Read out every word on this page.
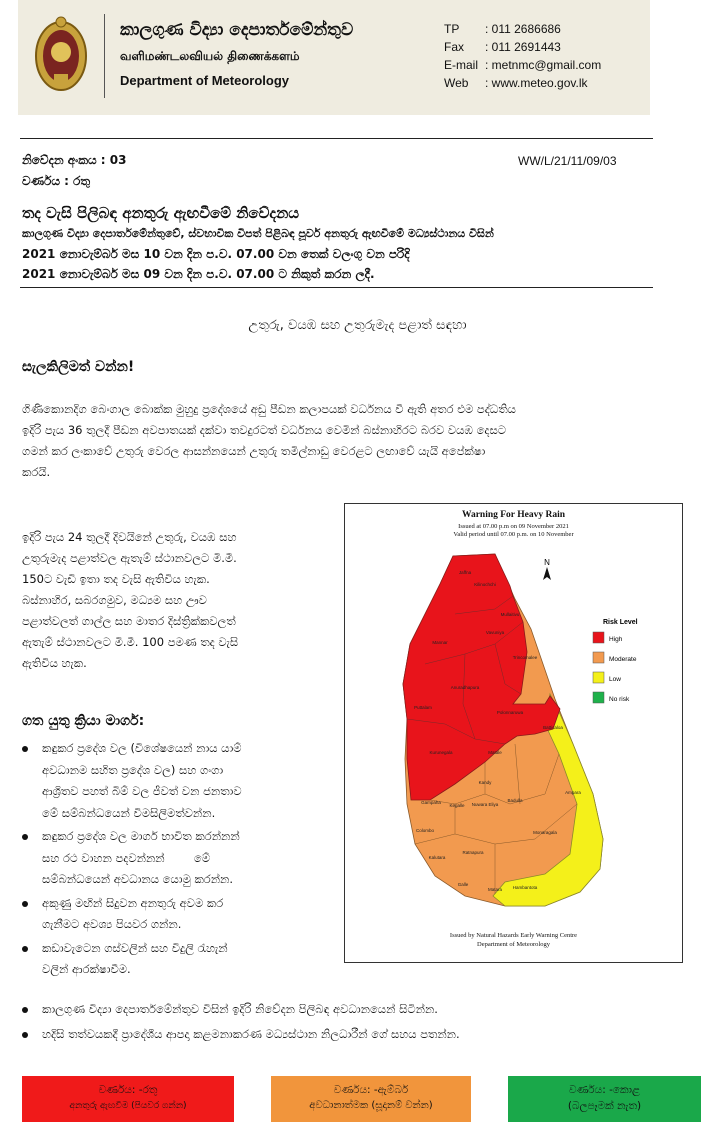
කාලගුණ විද්‍යා දෙපාර්තමේන්තුව
வளிமண்டலவியல் திணைக்களம்
Department of Meteorology
TP : 011 2686686
Fax : 011 2691443
E-mail : metnmc@gmail.com
Web : www.meteo.gov.lk
නිවේදන අංකය : 03	WW/L/21/11/09/03
වර්ණය : රතු
තද වැසි පිලිබඳ අනතුරු ඇඟවීමේ නිවේදනය
කාලගුණ විද්‍යා දෙපාර්තමේන්තුවේ, ස්වභාවික විපත් පිළිබඳ පූර්ව අනතුරු ඇඟවීමේ මධ්‍යස්ථානය විසින්
2021 නොවැම්බර් මස 10 වන දින ප.ව. 07.00 වන තෙක් වලංගු වන පරිදි
2021 නොවැම්බර් මස 09 වන දින ප.ව. 07.00 ට නිකුත් කරන ලදී.
උතුරු, වයඹ සහ උතුරුමැද පළාත් සඳහා
සැලකිලිමත් වන්න!
ගිණිකොනදිග බෙංගාල බොක්ක මුහුදු ප්‍රදේශයේ අඩු පීඩන කලාපයක් වර්ධනය වී ඇති අතර එම පද්ධතිය
ඉදිරි පැය 36 තුලදී පීඩන අවපාතයක් දක්වා තවදුරටත් වර්ධනය වෙමින් බස්නාහිරට බරව වයඹ දෙසට
ගමන් කර ලංකාවේ උතුරු වෙරල ආසන්නයෙන් උතුරු තමිල්නාඩු වෙරළට ලඟාවේ යැයි අපේක්ෂා
කරයි.
ඉදිරි පැය 24 තුලදී දිවයිනේ උතුරු, වයඹ සහ
උතුරුමැද පළාත්වල ඇතැම් ස්ථානවලට මි.මී.
150ට වැඩි ඉතා තද වැසි ඇතිවිය හැක.
බස්නාහිර, සබරගමුව, මධ්‍යම සහ ඌව
පළාත්වලත් ගාල්ල සහ මාතර දිස්ත්‍රික්කවලත්
ඇතැම් ස්ථානවලට මි.මී. 100 පමණ තද වැසි
ඇතිවිය හැක.
ගත යුතු ක්‍රියා මාර්ග:
කඳුකර ප්‍රදේශ වල (විශේෂයෙන් නාය යාම්
අවධානම සහිත ප්‍රදේශ වල) සහ ගංගා
ආශ්‍රිතව පහත් බිම් වල ජීවත් වන ජනතාව
මේ සම්බන්ධයෙන් විමසිලිමත්වන්න.
කඳුකර ප්‍රදේශ වල මාර්ග භාවිත කරන්නන්
සහ රථ වාහන පදවන්නන්        මේ
සම්බන්ධයෙන් අවධානය යොමු කරන්න.
අකුණු මඟින් සිදුවන අනතුරු අවම කර
ගැනීමට අවශ්‍ය පියවර ගන්න.
කඩාවැටෙන ගස්වලින් සහ විදුලි රැහැන්
වලින් ආරක්ෂාවීම.
කාලගුණ විද්‍යා දෙපාර්තමේන්තුව විසින් ඉදිරි නිවේදන පිලිබඳ අවධානයෙන් සිටින්න.
හදිසි තත්වයකදී ප්‍රාදේශීය ආපදා කළමනාකරණ මධ්‍යස්ථාන නිලධාරීන් ගේ සහය පතන්න.
Warning For Heavy Rain
Issued at 07.00 p.m on 09 November 2021
Valid period until 07.00 p.m. on 10 November
N
Jaffna
Kilinochchi
Mullaitivu
Mannar
Vavuniya
Trincomalee
Puttalam
Anuradhapura
Polonnaruwa
Batticaloa
Kurunegala	Matale
Ampara
Kandy
Gampaha
Kegalle Nuwara Eliya
Badulla
Colombo	Monaragala
Kalutara
Ratnapura
Galle
Matara Hambantota
Risk Level
High
Moderate
Low
No risk
Issued by Natural Hazards Early Warning Centre
Department of Meteorology
වර්ණය: -රතු
අනතුරු ඇඟවීම (පියවර ගන්න)
වර්ණය: -ඇම්බර්
අවධානාත්මක (සූදානම් වන්න)
වර්ණය: -කොළ
(බලපෑමක් නැත)
